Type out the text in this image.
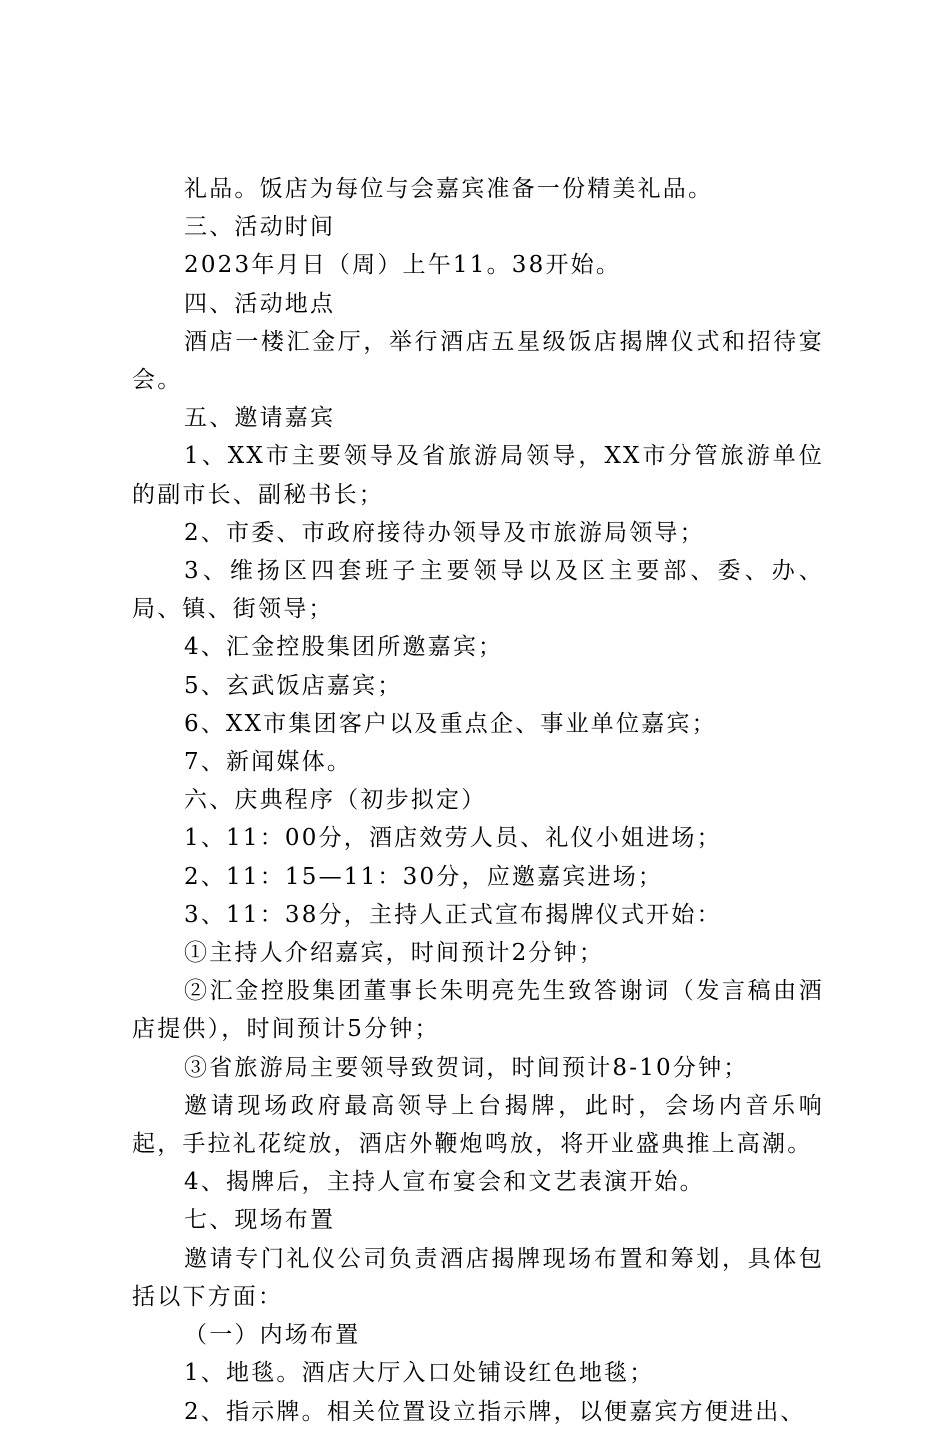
礼品。饭店为每位与会嘉宾准备一份精美礼品。

三、活动时间

2023年月日（周）上午11。38开始。

四、活动地点

酒店一楼汇金厅，举行酒店五星级饭店揭牌仪式和招待宴会。

五、邀请嘉宾

1、XX市主要领导及省旅游局领导，XX市分管旅游单位的副市长、副秘书长；

2、市委、市政府接待办领导及市旅游局领导；

3、维扬区四套班子主要领导以及区主要部、委、办、局、镇、街领导；

4、汇金控股集团所邀嘉宾；

5、玄武饭店嘉宾；

6、XX市集团客户以及重点企、事业单位嘉宾；

7、新闻媒体。

六、庆典程序（初步拟定）

1、11：00分，酒店效劳人员、礼仪小姐进场；

2、11：15—11：30分，应邀嘉宾进场；

3、11：38分，主持人正式宣布揭牌仪式开始：

①主持人介绍嘉宾，时间预计2分钟；

②汇金控股集团董事长朱明亮先生致答谢词（发言稿由酒店提供），时间预计5分钟；

③省旅游局主要领导致贺词，时间预计8-10分钟；

邀请现场政府最高领导上台揭牌，此时，会场内音乐响起，手拉礼花绽放，酒店外鞭炮鸣放，将开业盛典推上高潮。

4、揭牌后，主持人宣布宴会和文艺表演开始。

七、现场布置

邀请专门礼仪公司负责酒店揭牌现场布置和筹划，具体包括以下方面：

（一）内场布置

1、地毯。酒店大厅入口处铺设红色地毯；

2、指示牌。相关位置设立指示牌，以便嘉宾方便进出、
